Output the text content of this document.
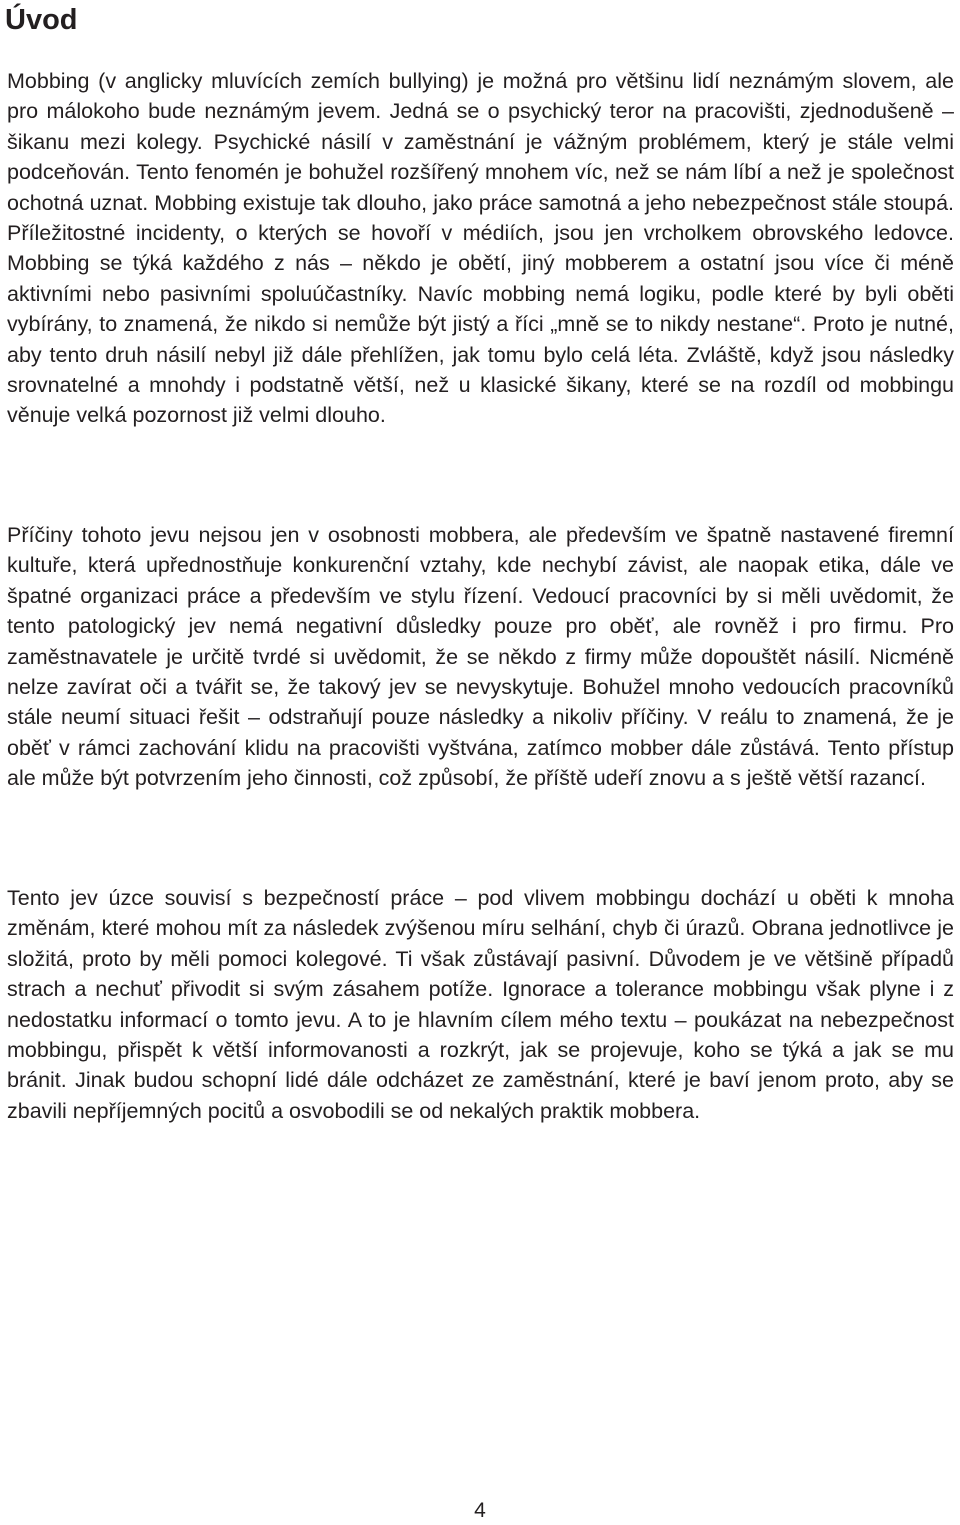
Úvod

Mobbing (v anglicky mluvících zemích bullying) je možná pro většinu lidí neznámým slovem, ale pro málokoho bude neznámým jevem. Jedná se o psychický teror na pracovišti, zjednodušeně – šikanu mezi kolegy. Psychické násilí v zaměstnání je vážným problémem, který je stále velmi podceňován. Tento fenomén je bohužel rozšířený mnohem víc, než se nám líbí a než je společnost ochotná uznat. Mobbing existuje tak dlouho, jako práce samotná a jeho nebezpečnost stále stoupá. Příležitostné incidenty, o kterých se hovoří v médiích, jsou jen vrcholkem obrovského ledovce. Mobbing se týká každého z nás – někdo je obětí, jiný mobberem a ostatní jsou více či méně aktivními nebo pasivními spoluúčastníky. Navíc mobbing nemá logiku, podle které by byli oběti vybírány, to znamená, že nikdo si nemůže být jistý a říci „mně se to nikdy nestane“. Proto je nutné, aby tento druh násilí nebyl již dále přehlížen, jak tomu bylo celá léta. Zvláště, když jsou následky srovnatelné a mnohdy i podstatně větší, než u klasické šikany, které se na rozdíl od mobbingu věnuje velká pozornost již velmi dlouho.

Příčiny tohoto jevu nejsou jen v osobnosti mobbera, ale především ve špatně nastavené firemní kultuře, která upřednostňuje konkurenční vztahy, kde nechybí závist, ale naopak etika, dále ve špatné organizaci práce a především ve stylu řízení. Vedoucí pracovníci by si měli uvědomit, že tento patologický jev nemá negativní důsledky pouze pro oběť, ale rovněž i pro firmu. Pro zaměstnavatele je určitě tvrdé si uvědomit, že se někdo z firmy může dopouštět násilí. Nicméně nelze zavírat oči a tvářit se, že takový jev se nevyskytuje. Bohužel mnoho vedoucích pracovníků stále neumí situaci řešit – odstraňují pouze následky a nikoliv příčiny. V reálu to znamená, že je oběť v rámci zachování klidu na pracovišti vyštvána, zatímco mobber dále zůstává. Tento přístup ale může být potvrzením jeho činnosti, což způsobí, že příště udeří znovu a s ještě větší razancí.

Tento jev úzce souvisí s bezpečností práce – pod vlivem mobbingu dochází u oběti k mnoha změnám, které mohou mít za následek zvýšenou míru selhání, chyb či úrazů. Obrana jednotlivce je složitá, proto by měli pomoci kolegové. Ti však zůstávají pasivní. Důvodem je ve většině případů strach a nechuť přivodit si svým zásahem potíže. Ignorace a tolerance mobbingu však plyne i z nedostatku informací o tomto jevu. A to je hlavním cílem mého textu – poukázat na nebezpečnost mobbingu, přispět k větší informovanosti a rozkrýt, jak se projevuje, koho se týká a jak se mu bránit. Jinak budou schopní lidé dále odcházet ze zaměstnání, které je baví jenom proto, aby se zbavili nepříjemných pocitů a osvobodili se od nekalých praktik mobbera.

4
